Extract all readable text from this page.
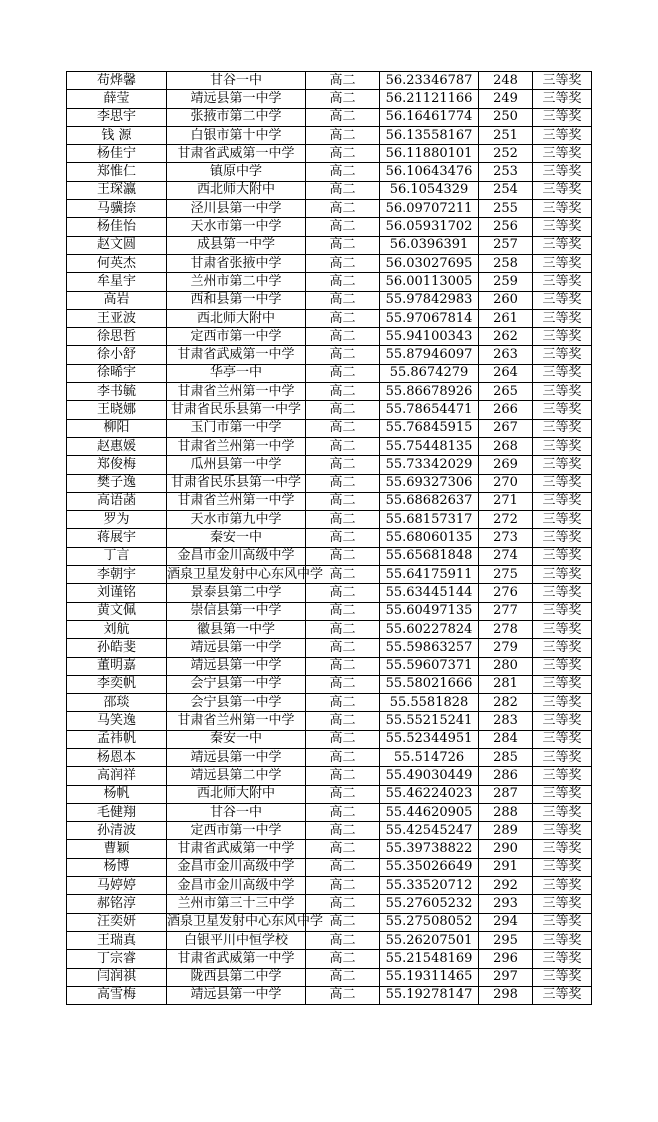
苟烨馨	甘谷一中	高二	56.23346787	248	三等奖
薛莹	靖远县第一中学	高二	56.21121166	249	三等奖
李思宇	张掖市第二中学	高二	56.16461774	250	三等奖
钱 源	白银市第十中学	高二	56.13558167	251	三等奖
杨佳宁	甘肃省武威第一中学	高二	56.11880101	252	三等奖
郑惟仁	镇原中学	高二	56.10643476	253	三等奖
王琛瀛	西北师大附中	高二	56.1054329	254	三等奖
马骥捺	泾川县第一中学	高二	56.09707211	255	三等奖
杨佳怡	天水市第一中学	高二	56.05931702	256	三等奖
赵文圆	成县第一中学	高二	56.0396391	257	三等奖
何英杰	甘肃省张掖中学	高二	56.03027695	258	三等奖
牟星宇	兰州市第二中学	高二	56.00113005	259	三等奖
高岩	西和县第一中学	高二	55.97842983	260	三等奖
王亚波	西北师大附中	高二	55.97067814	261	三等奖
徐思哲	定西市第一中学	高二	55.94100343	262	三等奖
徐小舒	甘肃省武威第一中学	高二	55.87946097	263	三等奖
徐晞宇	华亭一中	高二	55.8674279	264	三等奖
李书毓	甘肃省兰州第一中学	高二	55.86678926	265	三等奖
王晓娜	甘肃省民乐县第一中学	高二	55.78654471	266	三等奖
柳阳	玉门市第一中学	高二	55.76845915	267	三等奖
赵惠媛	甘肃省兰州第一中学	高二	55.75448135	268	三等奖
郑俊梅	瓜州县第一中学	高二	55.73342029	269	三等奖
樊子逸	甘肃省民乐县第一中学	高二	55.69327306	270	三等奖
高语菡	甘肃省兰州第一中学	高二	55.68682637	271	三等奖
罗为	天水市第九中学	高二	55.68157317	272	三等奖
蒋展宇	秦安一中	高二	55.68060135	273	三等奖
丁言	金昌市金川高级中学	高二	55.65681848	274	三等奖
李朝宇	酒泉卫星发射中心东风中学	高二	55.64175911	275	三等奖
刘谨铭	景泰县第二中学	高二	55.63445144	276	三等奖
黄文佩	崇信县第一中学	高二	55.60497135	277	三等奖
刘航	徽县第一中学	高二	55.60227824	278	三等奖
孙皓斐	靖远县第一中学	高二	55.59863257	279	三等奖
董明嘉	靖远县第一中学	高二	55.59607371	280	三等奖
李奕帆	会宁县第一中学	高二	55.58021666	281	三等奖
邵琰	会宁县第一中学	高二	55.5581828	282	三等奖
马笑逸	甘肃省兰州第一中学	高二	55.55215241	283	三等奖
孟祎帆	秦安一中	高二	55.52344951	284	三等奖
杨恩本	靖远县第一中学	高二	55.514726	285	三等奖
高润祥	靖远县第二中学	高二	55.49030449	286	三等奖
杨帆	西北师大附中	高二	55.46224023	287	三等奖
毛健翔	甘谷一中	高二	55.44620905	288	三等奖
孙清波	定西市第一中学	高二	55.42545247	289	三等奖
曹颖	甘肃省武威第一中学	高二	55.39738822	290	三等奖
杨博	金昌市金川高级中学	高二	55.35026649	291	三等奖
马婷婷	金昌市金川高级中学	高二	55.33520712	292	三等奖
郝铭淳	兰州市第三十三中学	高二	55.27605232	293	三等奖
汪奕妍	酒泉卫星发射中心东风中学	高二	55.27508052	294	三等奖
王瑞真	白银平川中恒学校	高二	55.26207501	295	三等奖
丁宗睿	甘肃省武威第一中学	高二	55.21548169	296	三等奖
闫润祺	陇西县第二中学	高二	55.19311465	297	三等奖
高雪梅	靖远县第一中学	高二	55.19278147	298	三等奖
